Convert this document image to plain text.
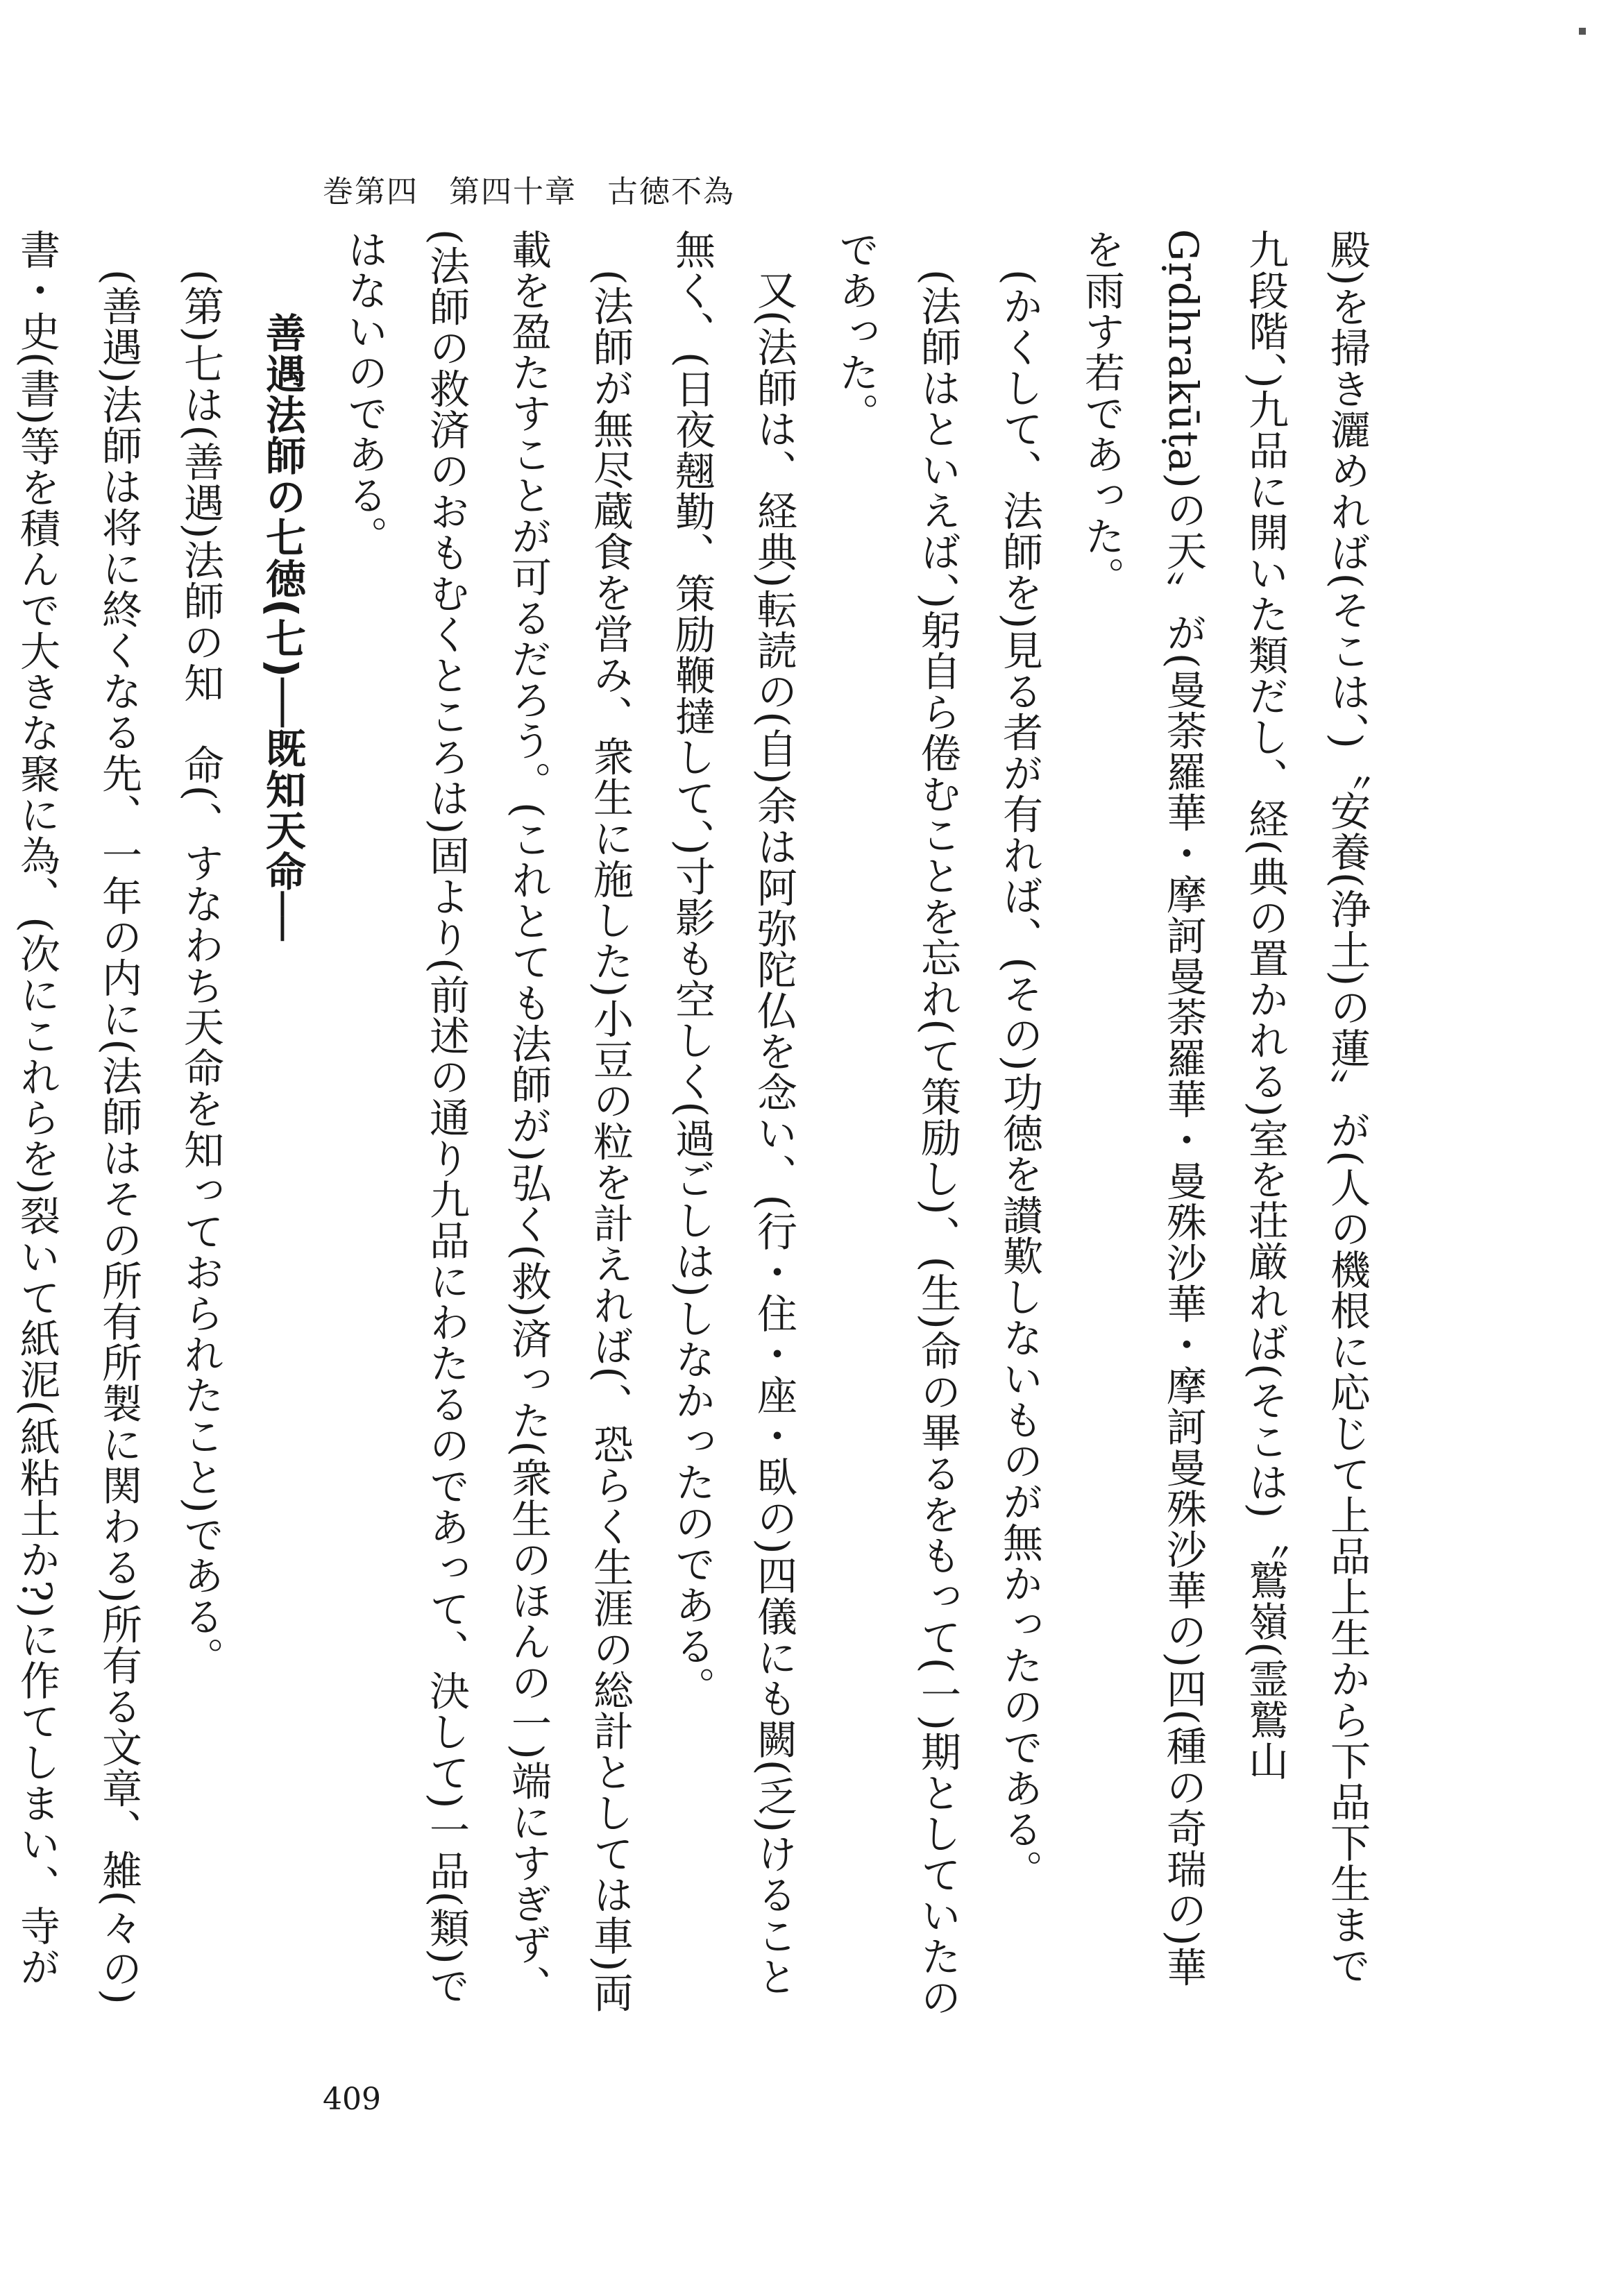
巻第四 第四十章 古徳不為

殿)を掃き灑めれば(そこは、)〝安養(浄土)の蓮〟が(人の機根に応じて上品上生から下品下生まで九段階、)九品に開いた類だし、経(典の置かれる)室を荘厳れば(そこは)〝鷲嶺(霊鷲山 Gṛdhrakūṭa)の天〟が(曼荼羅華・摩訶曼荼羅華・曼殊沙華・摩訶曼殊沙華の)四(種の奇瑞の)華を雨す若であった。

(かくして、法師を)見る者が有れば、(その)功徳を讃歎しないものが無かったのである。

(法師はといえば、)躬自ら倦むことを忘れ(て策励し)、(生)命の畢るをもって(一)期としていたのであった。

又(法師は、経典)転読の(自)余は阿弥陀仏を念い、(行・住・座・臥の)四儀にも闕(乏)けること無く、(日夜翹勤、策励鞭撻して、)寸影も空しく(過ごしは)しなかったのである。

(法師が無尽蔵食を営み、衆生に施した)小豆の粒を計えれば(、恐らく生涯の総計としては車)両載を盈たすことが可るだろう。(これとても法師が)弘く(救)済った(衆生のほんの一)端にすぎず、(法師の救済のおもむくところは)固より(前述の通り九品にわたるのであって、決して)一品(類)ではないのである。

善遇法師の七徳(七)──既知天命──

(第)七は(善遇)法師の知　命(、すなわち天命を知っておられたこと)である。

(善遇)法師は将に終くなる先、一年の内に(法師はその所有所製に関わる)所有る文章、雑(々の)書・史(書)等を積んで大きな聚に為、(次にこれらを)裂いて紙泥(紙粘土か?)に作てしまい、寺が

409
